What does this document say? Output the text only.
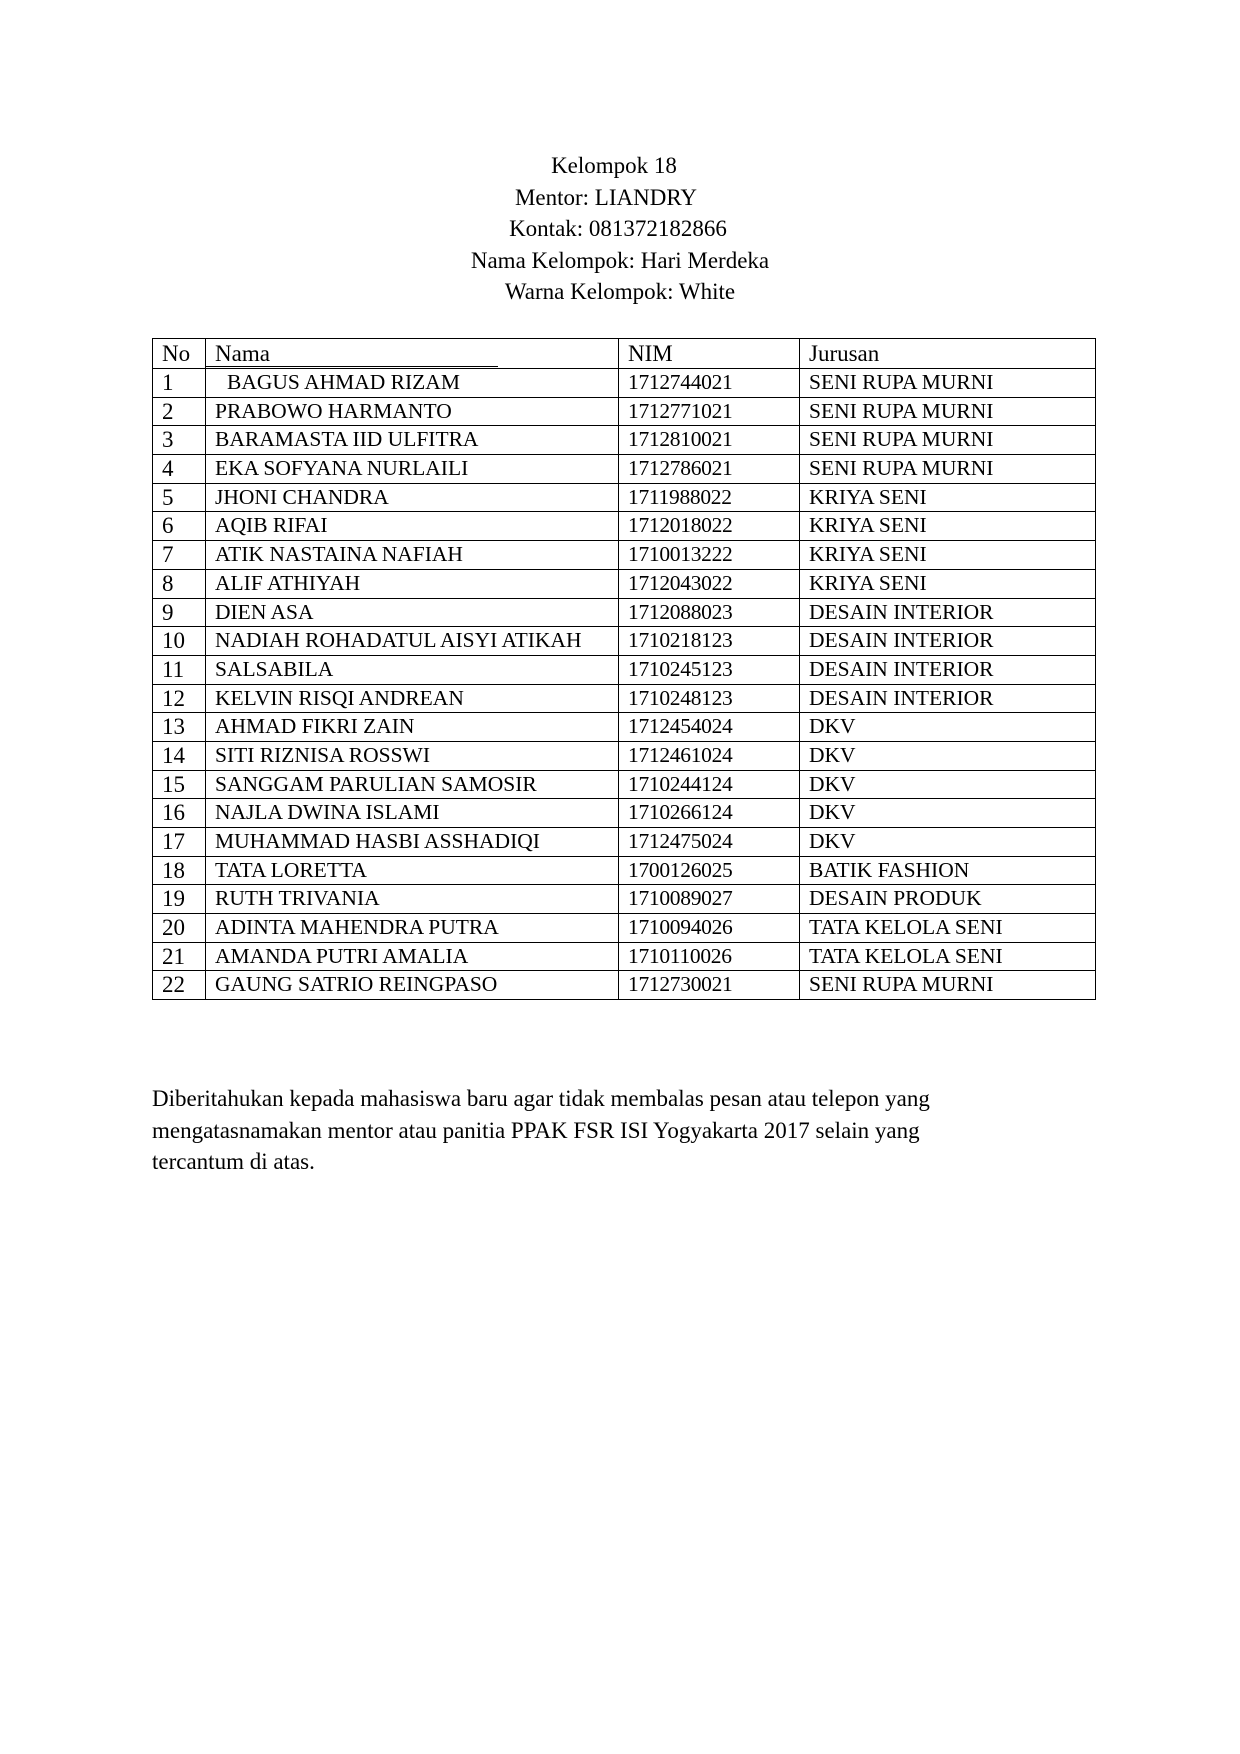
Kelompok 18
Mentor: LIANDRY
Kontak: 081372182866
Nama Kelompok: Hari Merdeka
Warna Kelompok: White
No	Nama	NIM	Jurusan
1	BAGUS AHMAD RIZAM	1712744021	SENI RUPA MURNI
2	PRABOWO HARMANTO	1712771021	SENI RUPA MURNI
3	BARAMASTA IID ULFITRA	1712810021	SENI RUPA MURNI
4	EKA SOFYANA NURLAILI	1712786021	SENI RUPA MURNI
5	JHONI CHANDRA	1711988022	KRIYA SENI
6	AQIB RIFAI	1712018022	KRIYA SENI
7	ATIK NASTAINA NAFIAH	1710013222	KRIYA SENI
8	ALIF ATHIYAH	1712043022	KRIYA SENI
9	DIEN ASA	1712088023	DESAIN INTERIOR
10	NADIAH ROHADATUL AISYI ATIKAH	1710218123	DESAIN INTERIOR
11	SALSABILA	1710245123	DESAIN INTERIOR
12	KELVIN RISQI ANDREAN	1710248123	DESAIN INTERIOR
13	AHMAD FIKRI ZAIN	1712454024	DKV
14	SITI RIZNISA ROSSWI	1712461024	DKV
15	SANGGAM PARULIAN SAMOSIR	1710244124	DKV
16	NAJLA DWINA ISLAMI	1710266124	DKV
17	MUHAMMAD HASBI ASSHADIQI	1712475024	DKV
18	TATA LORETTA	1700126025	BATIK FASHION
19	RUTH TRIVANIA	1710089027	DESAIN PRODUK
20	ADINTA MAHENDRA PUTRA	1710094026	TATA KELOLA SENI
21	AMANDA PUTRI AMALIA	1710110026	TATA KELOLA SENI
22	GAUNG SATRIO REINGPASO	1712730021	SENI RUPA MURNI
Diberitahukan kepada mahasiswa baru agar tidak membalas pesan atau telepon yang
mengatasnamakan mentor atau panitia PPAK FSR ISI Yogyakarta 2017 selain yang
tercantum di atas.
